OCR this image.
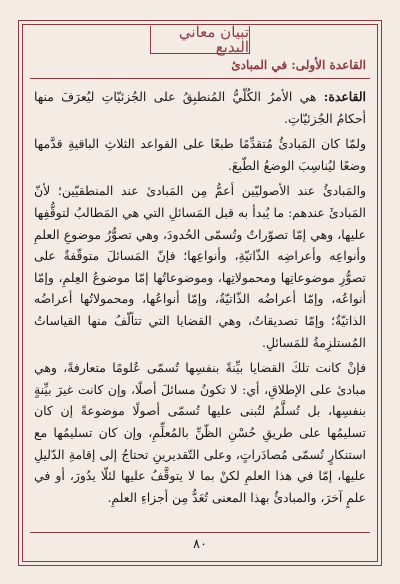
تبيان معاني البديع
القاعدة الأولى: في المبادئ

القاعدة: هي الأمرُ الكُلّيُّ المُنطبِقُ على الجُزئيّاتِ ليُعرَفَ منها أحكامُ الجُزئيّاتِ.

ولمّا كان المَبادئُ مُتقدِّمًا طبعًا على القواعد الثلاثِ الباقيةِ قدَّمها وضعًا ليُناسِبَ الوضعُ الطّبعَ.

والمَبادئُ عند الأصوليّين أعمُّ مِن المَبادئ عند المنطقيّين؛ لأنّ المَبادئَ عندهم: ما يُبدأ به قبل المَسائلِ التي هي المَطالبُ لتوقُّفِها عليها، وهي إمّا تصوّراتٌ وتُسمّى الحُدودَ، وهي تصوُّرُ موضوعِ العلمِ وأنواعِه وأعراضِه الذّاتيّةِ، وأنواعِها؛ فإنّ المَسائلَ متوقّفةٌ على تصوُّرِ موضوعاتِها ومحمولاتِها، وموضوعاتُها إمّا موضوعُ العِلمِ، وإمّا أنواعُه، وإمّا أعراضُه الذّاتيّةُ، وإمّا أنواعُها، ومحمولاتُها أعراضُه الذاتيّةُ؛ وإمّا تصديقاتٌ، وهي القضايا التي تتألّفُ منها القياساتُ المُستلزِمةُ للمَسائلِ.

فإنْ كانت تلكَ القضايا بيِّنةً بنفسِها تُسمّى عُلومًا متعارفةً، وهي مبادئ على الإطلاقِ، أي: لا تكونُ مسائلَ أصلًا، وإن كانت غيرَ بيِّنةٍ بنفسِها، بل تُسلَّمُ لتُبنى عليها تُسمّى أصولًا موضوعةً إن كان تسليمُها على طريقِ حُسْنِ الظّنِّ بالمُعلِّمِ، وإن كان تسليمُها مع استنكارٍ تُسمّى مُصادَراتٍ، وعلى التّقديرينِ تحتاجُ إلى إقامةِ الدّليلِ عليها، إمّا في هذا العلمِ لكنْ بما لا يتوقَّفُ عليها لئلّا يدُورَ، أو في علمٍ آخرَ، والمبادئُ بهذا المعنى تُعَدُّ مِن أجزاءِ العلمِ.

٨٠
